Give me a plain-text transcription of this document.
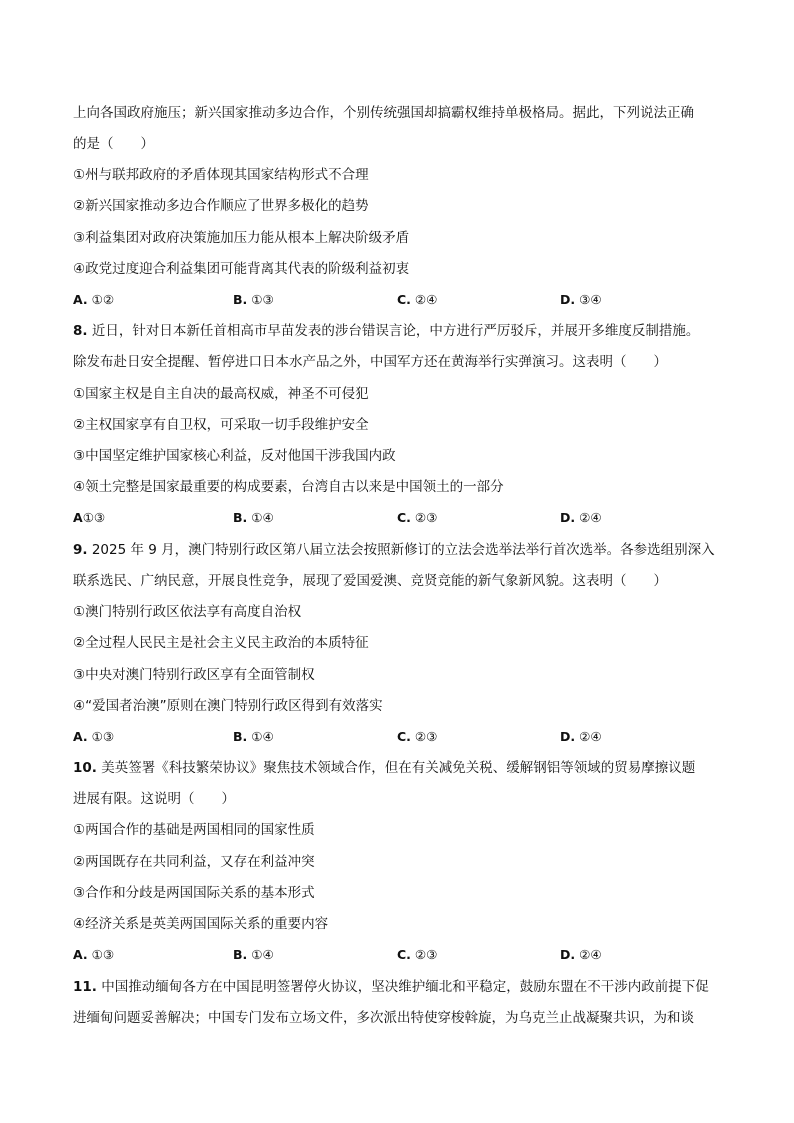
上向各国政府施压；新兴国家推动多边合作，个别传统强国却搞霸权维持单极格局。据此，下列说法正确
的是（　　）
①州与联邦政府的矛盾体现其国家结构形式不合理
②新兴国家推动多边合作顺应了世界多极化的趋势
③利益集团对政府决策施加压力能从根本上解决阶级矛盾
④政党过度迎合利益集团可能背离其代表的阶级利益初衷
A. ①②	B. ①③	C. ②④	D. ③④
8. 近日，针对日本新任首相高市早苗发表的涉台错误言论，中方进行严厉驳斥，并展开多维度反制措施。
除发布赴日安全提醒、暂停进口日本水产品之外，中国军方还在黄海举行实弹演习。这表明（　　）
①国家主权是自主自决的最高权威，神圣不可侵犯
②主权国家享有自卫权，可采取一切手段维护安全
③中国坚定维护国家核心利益，反对他国干涉我国内政
④领土完整是国家最重要的构成要素，台湾自古以来是中国领土的一部分
A①③	B. ①④	C. ②③	D. ②④
9. 2025 年 9 月，澳门特别行政区第八届立法会按照新修订的立法会选举法举行首次选举。各参选组别深入
联系选民、广纳民意，开展良性竞争，展现了爱国爱澳、竞贤竞能的新气象新风貌。这表明（　　）
①澳门特别行政区依法享有高度自治权
②全过程人民民主是社会主义民主政治的本质特征
③中央对澳门特别行政区享有全面管制权
④“爱国者治澳”原则在澳门特别行政区得到有效落实
A. ①③	B. ①④	C. ②③	D. ②④
10. 美英签署《科技繁荣协议》聚焦技术领域合作，但在有关减免关税、缓解钢铝等领域的贸易摩擦议题
进展有限。这说明（　　）
①两国合作的基础是两国相同的国家性质
②两国既存在共同利益，又存在利益冲突
③合作和分歧是两国国际关系的基本形式
④经济关系是英美两国国际关系的重要内容
A. ①③	B. ①④	C. ②③	D. ②④
11. 中国推动缅甸各方在中国昆明签署停火协议，坚决维护缅北和平稳定，鼓励东盟在不干涉内政前提下促
进缅甸问题妥善解决；中国专门发布立场文件，多次派出特使穿梭斡旋，为乌克兰止战凝聚共识，为和谈
